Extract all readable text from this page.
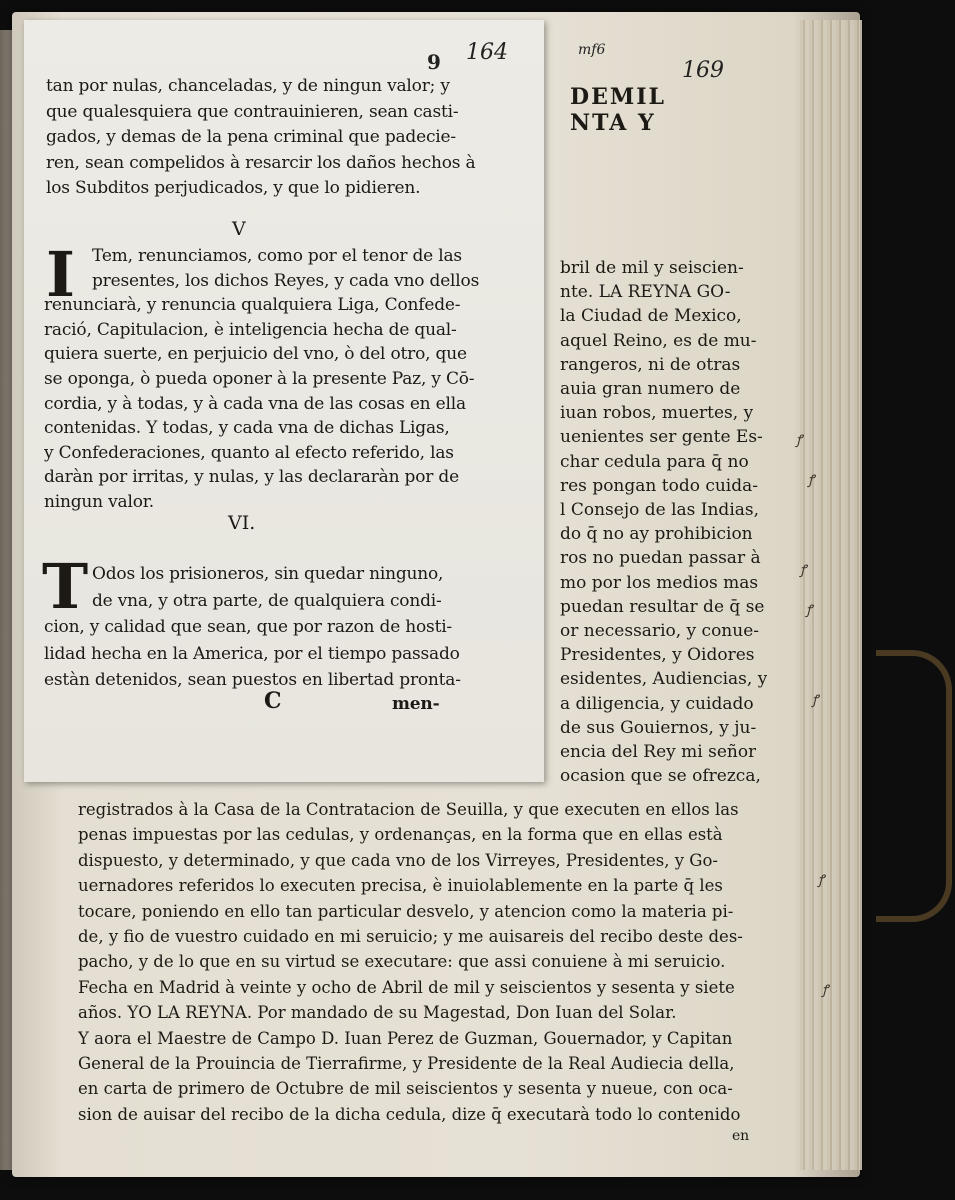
mf6
169
DEMIL
NTA Y
bril de mil y seiscien-
nte. LA REYNA GO-
la Ciudad de Mexico,
aquel Reino, es de mu-
rangeros, ni de otras
auia gran numero de
iuan robos, muertes, y
uenientes ser gente Es-
char cedula para q̄ no
res pongan todo cuida-
l Consejo de las Indias,
do q̄ no ay prohibicion
ros no puedan passar à
mo por los medios mas
puedan resultar de q̄ se
or necessario, y conue-
Presidentes, y Oidores
esidentes, Audiencias, y
a diligencia, y cuidado
de sus Gouiernos, y ju-
encia del Rey mi señor
ocasion que se ofrezca,
registrados à la Casa de la Contratacion de Seuilla, y que executen en ellos las
penas impuestas por las cedulas, y ordenanças, en la forma que en ellas està
dispuesto, y determinado, y que cada vno de los Virreyes, Presidentes, y Go-
uernadores referidos lo executen precisa, è inuiolablemente en la parte q̄ les
tocare, poniendo en ello tan particular desvelo, y atencion como la materia pi-
de, y fio de vuestro cuidado en mi seruicio; y me auisareis del recibo deste des-
pacho, y de lo que en su virtud se executare: que assi conuiene à mi seruicio.
Fecha en Madrid à veinte y ocho de Abril de mil y seiscientos y sesenta y siete
años. YO LA REYNA. Por mandado de su Magestad, Don Iuan del Solar.
Y aora el Maestre de Campo D. Iuan Perez de Guzman, Gouernador, y Capitan
General de la Prouincia de Tierrafirme, y Presidente de la Real Audiecia della,
en carta de primero de Octubre de mil seiscientos y sesenta y nueue, con oca-
sion de auisar del recibo de la dicha cedula, dize q̄ executarà todo lo contenido
en
9 164
tan por nulas, chanceladas, y de ningun valor; y
que qualesquiera que contrauinieren, sean casti-
gados, y demas de la pena criminal que padecie-
ren, sean compelidos à resarcir los daños hechos à
los Subditos perjudicados, y que lo pidieren.
V
I Tem, renunciamos, como por el tenor de las
presentes, los dichos Reyes, y cada vno dellos
renunciarà, y renuncia qualquiera Liga, Confede-
ració, Capitulacion, è inteligencia hecha de qual-
quiera suerte, en perjuicio del vno, ò del otro, que
se oponga, ò pueda oponer à la presente Paz, y Cō-
cordia, y à todas, y à cada vna de las cosas en ella
contenidas. Y todas, y cada vna de dichas Ligas,
y Confederaciones, quanto al efecto referido, las
daràn por irritas, y nulas, y las declararàn por de
ningun valor.
VI.
T Odos los prisioneros, sin quedar ninguno,
de vna, y otra parte, de qualquiera condi-
cion, y calidad que sean, que por razon de hosti-
lidad hecha en la America, por el tiempo passado
estàn detenidos, sean puestos en libertad pronta-
C	men-
ꝭ
ꝭ
ꝭ
ꝭ
ꝭ
ꝭ
ꝭ
